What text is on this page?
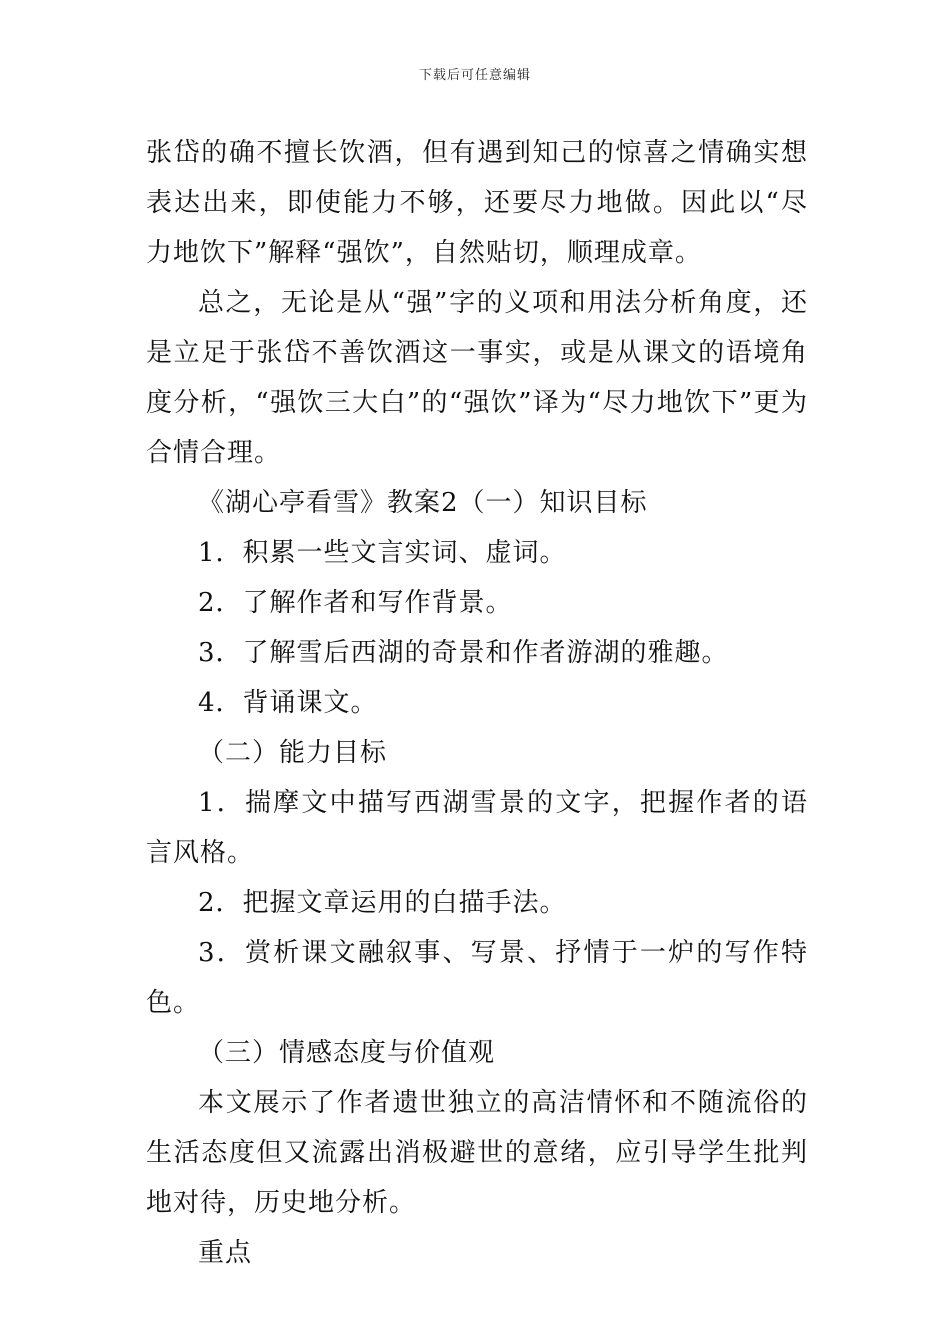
下载后可任意编辑

张岱的确不擅长饮酒，但有遇到知己的惊喜之情确实想表达出来，即使能力不够，还要尽力地做。因此以“尽力地饮下”解释“强饮”，自然贴切，顺理成章。

总之，无论是从“强”字的义项和用法分析角度，还是立足于张岱不善饮酒这一事实，或是从课文的语境角度分析，“强饮三大白”的“强饮”译为“尽力地饮下”更为合情合理。

《湖心亭看雪》教案2（一）知识目标

1．积累一些文言实词、虚词。

2．了解作者和写作背景。

3．了解雪后西湖的奇景和作者游湖的雅趣。

4．背诵课文。

（二）能力目标

1．揣摩文中描写西湖雪景的文字，把握作者的语言风格。

2．把握文章运用的白描手法。

3．赏析课文融叙事、写景、抒情于一炉的写作特色。

（三）情感态度与价值观

本文展示了作者遗世独立的高洁情怀和不随流俗的生活态度但又流露出消极避世的意绪，应引导学生批判地对待，历史地分析。

重点
